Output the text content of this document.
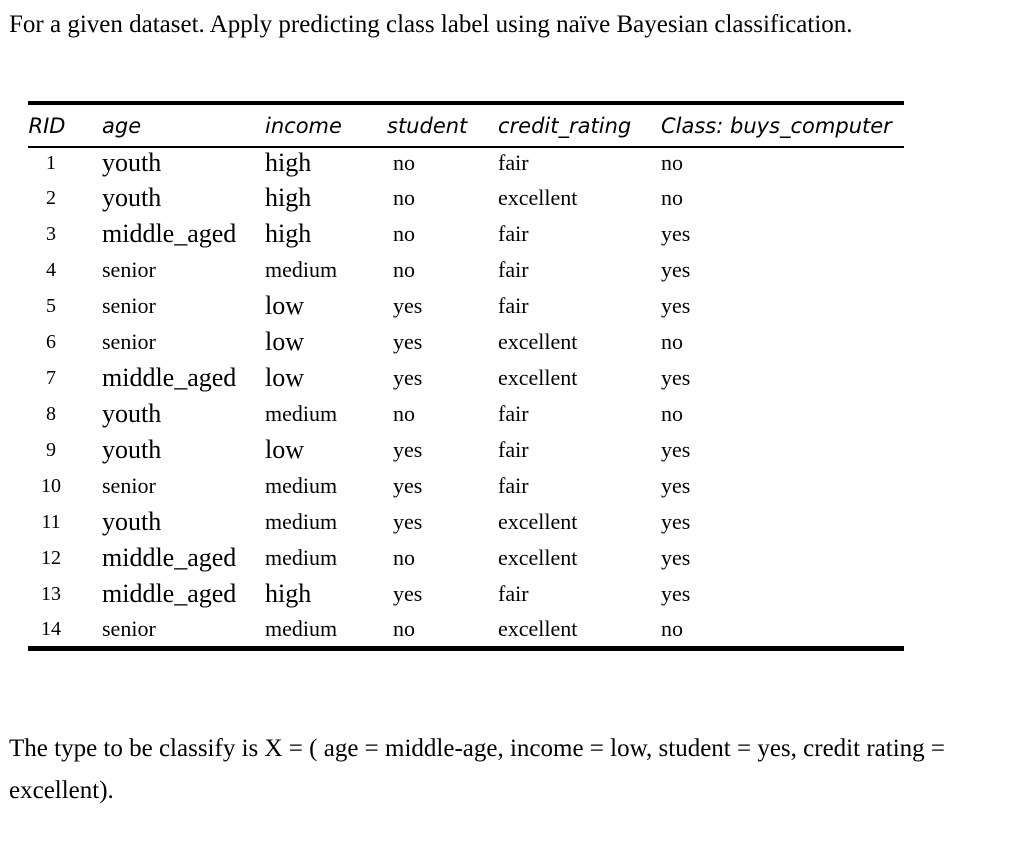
For a given dataset. Apply predicting class label using naïve Bayesian classification.
RID	age	income	student	credit_rating	Class: buys_computer
1	youth	high	no	fair	no
2	youth	high	no	excellent	no
3	middle_aged	high	no	fair	yes
4	senior	medium	no	fair	yes
5	senior	low	yes	fair	yes
6	senior	low	yes	excellent	no
7	middle_aged	low	yes	excellent	yes
8	youth	medium	no	fair	no
9	youth	low	yes	fair	yes
10	senior	medium	yes	fair	yes
11	youth	medium	yes	excellent	yes
12	middle_aged	medium	no	excellent	yes
13	middle_aged	high	yes	fair	yes
14	senior	medium	no	excellent	no
The type to be classify is X = ( age = middle-age, income = low, student = yes, credit rating = excellent).
